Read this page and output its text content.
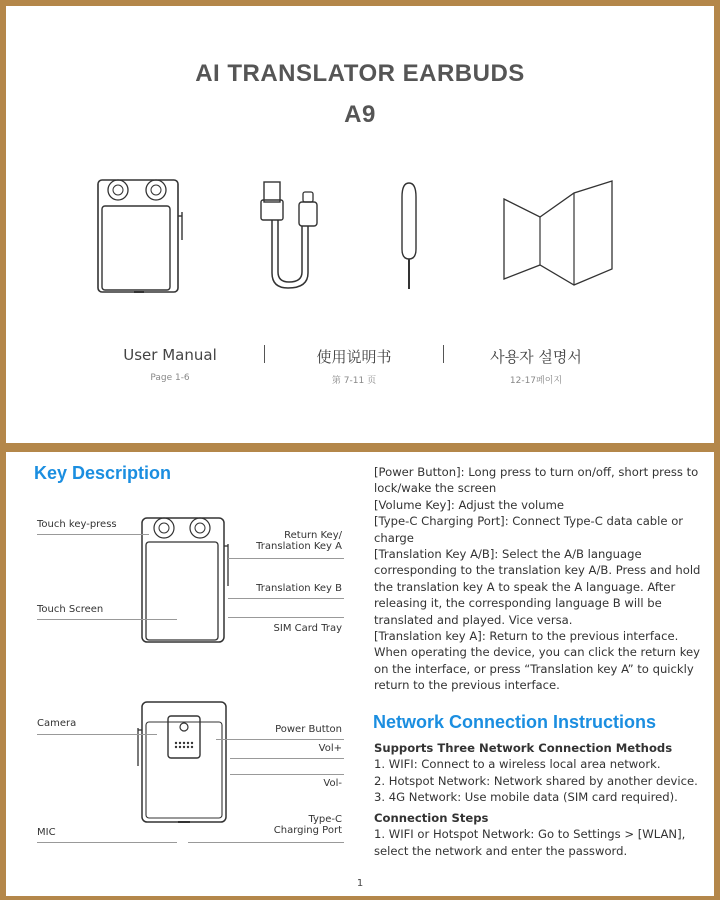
AI TRANSLATOR EARBUDS
A9
User Manual
Page 1-6
使用说明书
第 7-11 页
사용자 설명서
12-17페이지
Key Description
Touch key-press
Return Key/
Translation Key A
Translation Key B
Touch Screen
SIM Card Tray
Camera
Power Button
Vol+
Vol-
MIC
Type-C
Charging Port

[Power Button]: Long press to turn on/off, short press to lock/wake the screen

[Volume Key]: Adjust the volume

[Type-C Charging Port]: Connect Type-C data cable or charge

[Translation Key A/B]: Select the A/B language corresponding to the translation key A/B. Press and hold the translation key A to speak the A language. After releasing it, the corresponding language B will be translated and played. Vice versa.

[Translation key A]: Return to the previous interface. When operating the device, you can click the return key on the interface, or press “Translation key A” to quickly return to the previous interface.

Network Connection Instructions
Supports Three Network Connection Methods
1. WIFI: Connect to a wireless local area network.
2. Hotspot Network: Network shared by another device.
3. 4G Network: Use mobile data (SIM card required).
Connection Steps
1. WIFI or Hotspot Network: Go to Settings > [WLAN], select the network and enter the password.
1
